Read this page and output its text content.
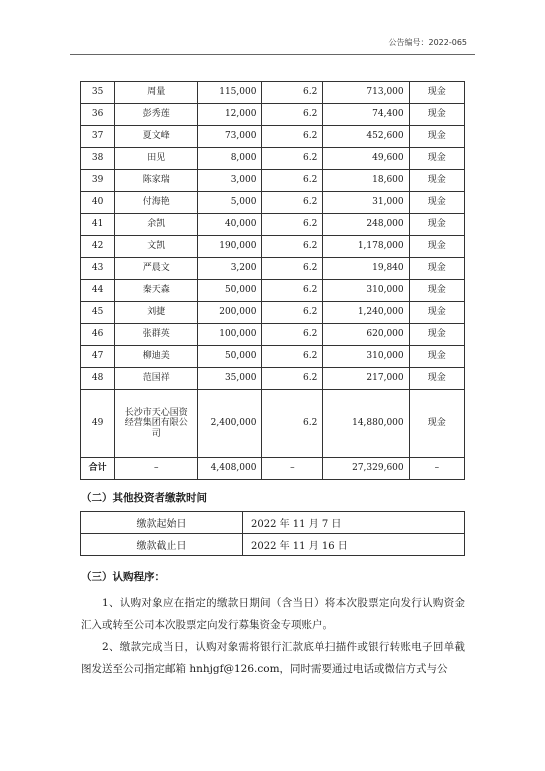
公告编号：2022-065
35	周量	115,000	6.2	713,000	现金
36	彭秀莲	12,000	6.2	74,400	现金
37	夏文峰	73,000	6.2	452,600	现金
38	田见	8,000	6.2	49,600	现金
39	陈家瑞	3,000	6.2	18,600	现金
40	付海艳	5,000	6.2	31,000	现金
41	余凯	40,000	6.2	248,000	现金
42	文凯	190,000	6.2	1,178,000	现金
43	严晨文	3,200	6.2	19,840	现金
44	秦天森	50,000	6.2	310,000	现金
45	刘捷	200,000	6.2	1,240,000	现金
46	张群英	100,000	6.2	620,000	现金
47	柳迪美	50,000	6.2	310,000	现金
48	范国祥	35,000	6.2	217,000	现金
49	长沙市天心国资经营集团有限公司	2,400,000	6.2	14,880,000	现金
合计	–	4,408,000	–	27,329,600	–
（二）其他投资者缴款时间
缴款起始日	2022 年 11 月 7 日
缴款截止日	2022 年 11 月 16 日
（三）认购程序：
1、认购对象应在指定的缴款日期间（含当日）将本次股票定向发行认购资金汇入或转至公司本次股票定向发行募集资金专项账户。
2、缴款完成当日，认购对象需将银行汇款底单扫描件或银行转账电子回单截图发送至公司指定邮箱 hnhjgf@126.com，同时需要通过电话或微信方式与公
